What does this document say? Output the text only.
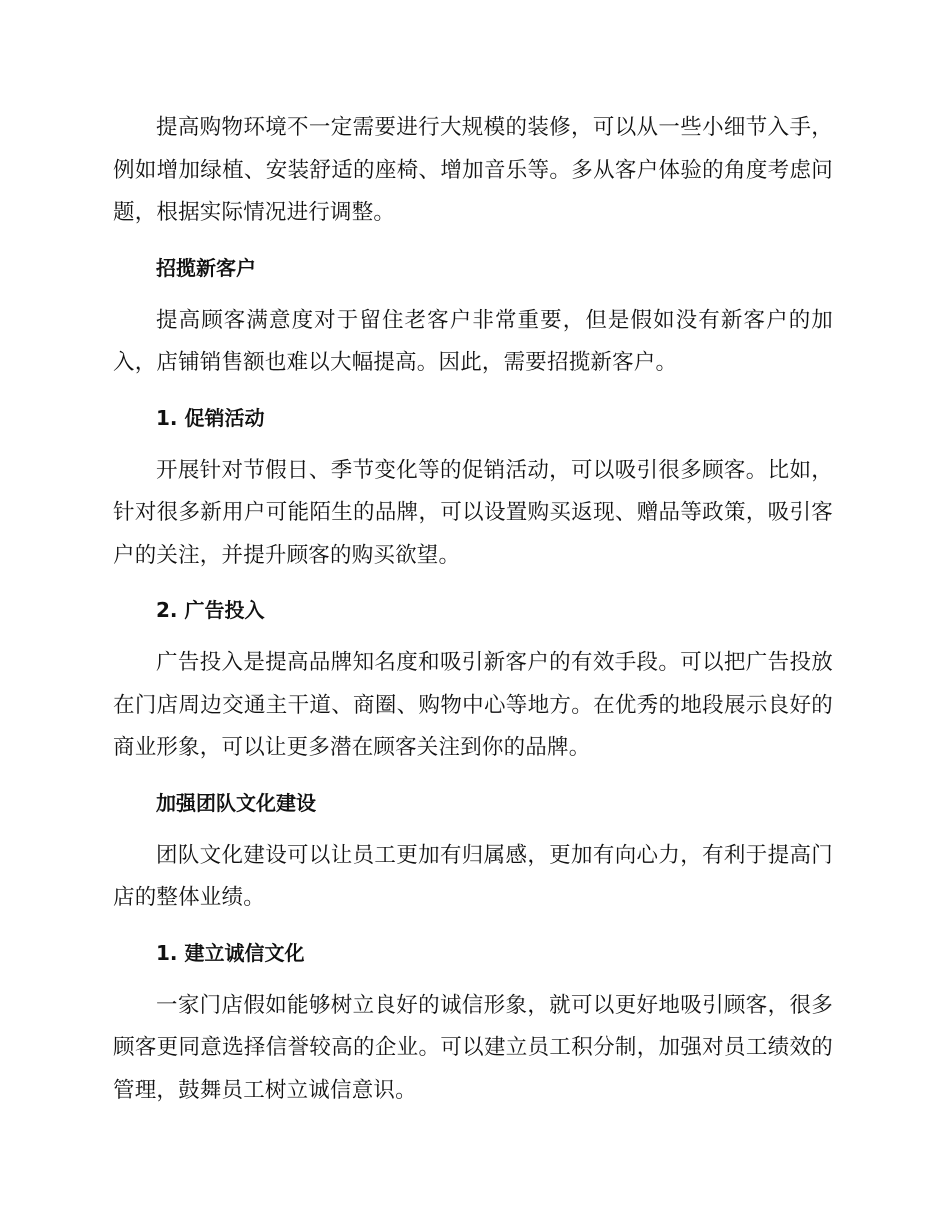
提高购物环境不一定需要进行大规模的装修，可以从一些小细节入手，例如增加绿植、安装舒适的座椅、增加音乐等。多从客户体验的角度考虑问题，根据实际情况进行调整。

招揽新客户

提高顾客满意度对于留住老客户非常重要，但是假如没有新客户的加入，店铺销售额也难以大幅提高。因此，需要招揽新客户。

1. 促销活动

开展针对节假日、季节变化等的促销活动，可以吸引很多顾客。比如，针对很多新用户可能陌生的品牌，可以设置购买返现、赠品等政策，吸引客户的关注，并提升顾客的购买欲望。

2. 广告投入

广告投入是提高品牌知名度和吸引新客户的有效手段。可以把广告投放在门店周边交通主干道、商圈、购物中心等地方。在优秀的地段展示良好的商业形象，可以让更多潜在顾客关注到你的品牌。

加强团队文化建设

团队文化建设可以让员工更加有归属感，更加有向心力，有利于提高门店的整体业绩。

1. 建立诚信文化

一家门店假如能够树立良好的诚信形象，就可以更好地吸引顾客，很多顾客更同意选择信誉较高的企业。可以建立员工积分制，加强对员工绩效的管理，鼓舞员工树立诚信意识。
